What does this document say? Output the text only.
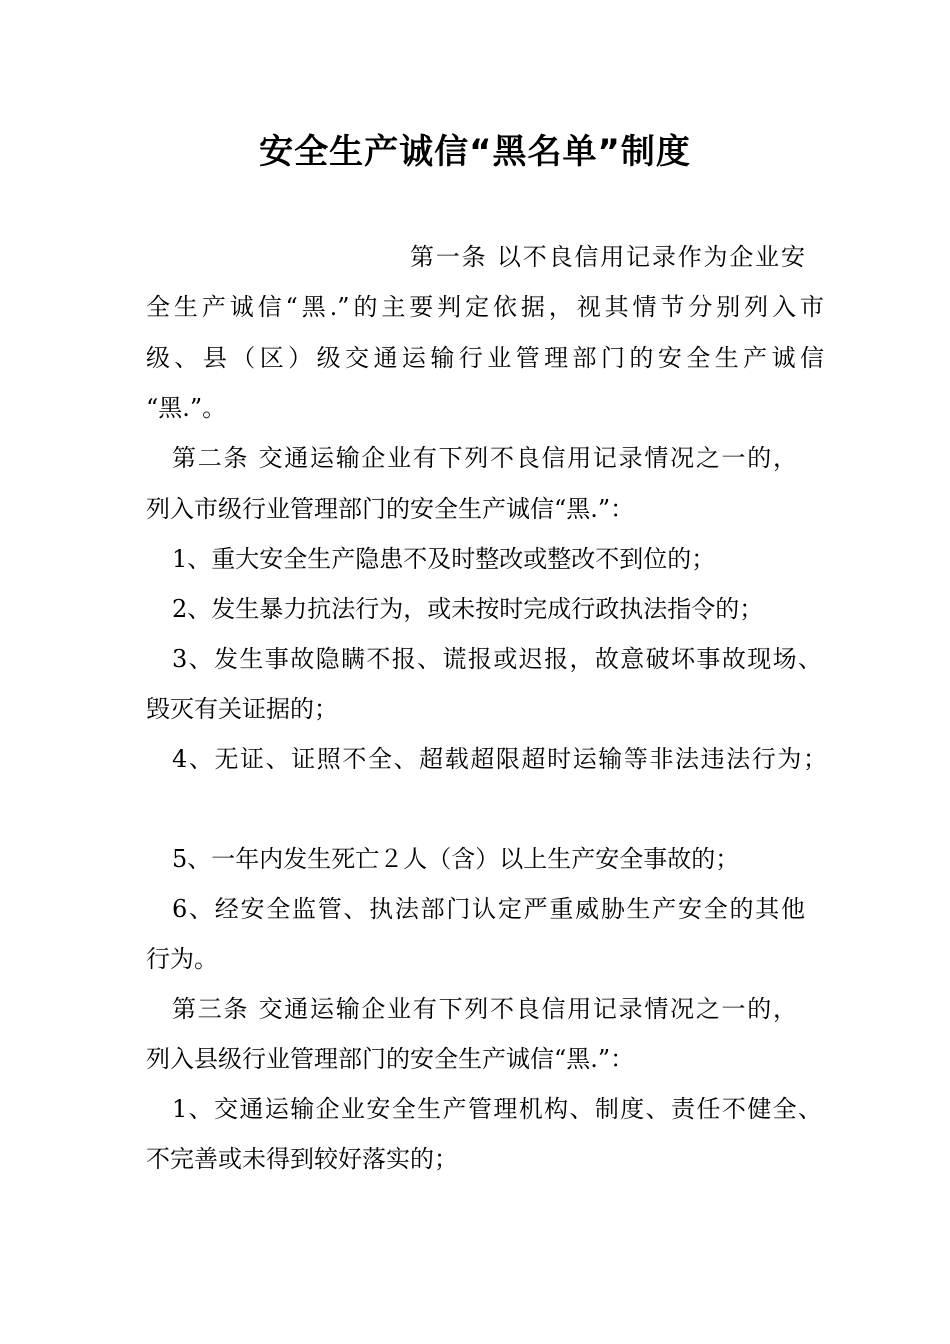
安全生产诚信“黑名单”制度
第一条 以不良信用记录作为企业安
全生产诚信“黑.”的主要判定依据，视其情节分别列入市
级、县（区）级交通运输行业管理部门的安全生产诚信
“黑.”。
第二条 交通运输企业有下列不良信用记录情况之一的，
列入市级行业管理部门的安全生产诚信“黑.”：
1、重大安全生产隐患不及时整改或整改不到位的；
2、发生暴力抗法行为，或未按时完成行政执法指令的；
3、发生事故隐瞒不报、谎报或迟报，故意破坏事故现场、
毁灭有关证据的；
4、无证、证照不全、超载超限超时运输等非法违法行为；
5、一年内发生死亡２人（含）以上生产安全事故的；
6、经安全监管、执法部门认定严重威胁生产安全的其他
行为。
第三条 交通运输企业有下列不良信用记录情况之一的，
列入县级行业管理部门的安全生产诚信“黑.”：
1、交通运输企业安全生产管理机构、制度、责任不健全、
不完善或未得到较好落实的；
